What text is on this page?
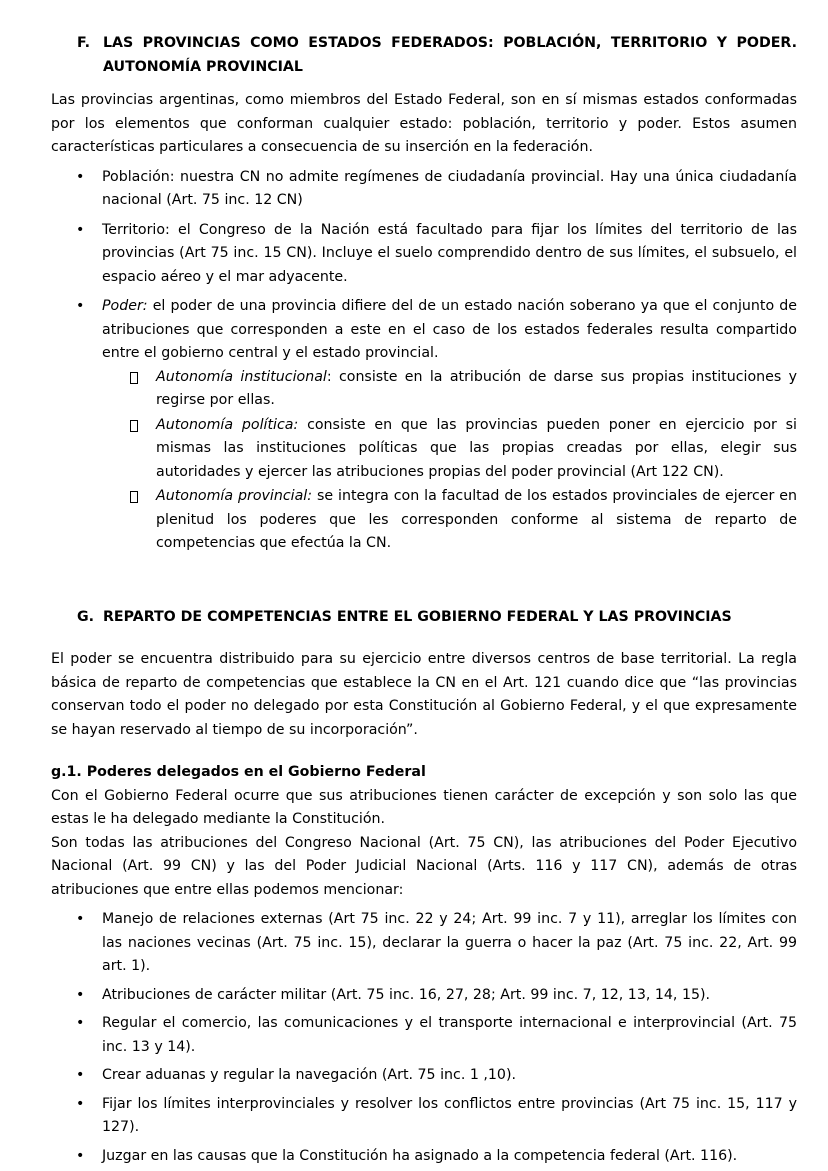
F. LAS PROVINCIAS COMO ESTADOS FEDERADOS: POBLACIÓN, TERRITORIO Y PODER. AUTONOMÍA PROVINCIAL

Las provincias argentinas, como miembros del Estado Federal, son en sí mismas estados conformadas por los elementos que conforman cualquier estado: población, territorio y poder. Estos asumen características particulares a consecuencia de su inserción en la federación.

• Población: nuestra CN no admite regímenes de ciudadanía provincial. Hay una única ciudadanía nacional (Art. 75 inc. 12 CN)

• Territorio: el Congreso de la Nación está facultado para fijar los límites del territorio de las provincias (Art 75 inc. 15 CN). Incluye el suelo comprendido dentro de sus límites, el subsuelo, el espacio aéreo y el mar adyacente.

• Poder: el poder de una provincia difiere del de un estado nación soberano ya que el conjunto de atribuciones que corresponden a este en el caso de los estados federales resulta compartido entre el gobierno central y el estado provincial.

Autonomía institucional: consiste en la atribución de darse sus propias instituciones y regirse por ellas.

Autonomía política: consiste en que las provincias pueden poner en ejercicio por si mismas las instituciones políticas que las propias creadas por ellas, elegir sus autoridades y ejercer las atribuciones propias del poder provincial (Art 122 CN).

Autonomía provincial: se integra con la facultad de los estados provinciales de ejercer en plenitud los poderes que les corresponden conforme al sistema de reparto de competencias que efectúa la CN.

G. REPARTO DE COMPETENCIAS ENTRE EL GOBIERNO FEDERAL Y LAS PROVINCIAS

El poder se encuentra distribuido para su ejercicio entre diversos centros de base territorial. La regla básica de reparto de competencias que establece la CN en el Art. 121 cuando dice que “las provincias conservan todo el poder no delegado por esta Constitución al Gobierno Federal, y el que expresamente se hayan reservado al tiempo de su incorporación”.

g.1. Poderes delegados en el Gobierno Federal

Con el Gobierno Federal ocurre que sus atribuciones tienen carácter de excepción y son solo las que estas le ha delegado mediante la Constitución.

Son todas las atribuciones del Congreso Nacional (Art. 75 CN), las atribuciones del Poder Ejecutivo Nacional (Art. 99 CN) y las del Poder Judicial Nacional (Arts. 116 y 117 CN), además de otras atribuciones que entre ellas podemos mencionar:

• Manejo de relaciones externas (Art 75 inc. 22 y 24; Art. 99 inc. 7 y 11), arreglar los límites con las naciones vecinas (Art. 75 inc. 15), declarar la guerra o hacer la paz (Art. 75 inc. 22, Art. 99 art. 1).

• Atribuciones de carácter militar (Art. 75 inc. 16, 27, 28; Art. 99 inc. 7, 12, 13, 14, 15).

• Regular el comercio, las comunicaciones y el transporte internacional e interprovincial (Art. 75 inc. 13 y 14).

• Crear aduanas y regular la navegación (Art. 75 inc. 1 ,10).

• Fijar los límites interprovinciales y resolver los conflictos entre provincias (Art 75 inc. 15, 117 y 127).

• Juzgar en las causas que la Constitución ha asignado a la competencia federal (Art. 116).
